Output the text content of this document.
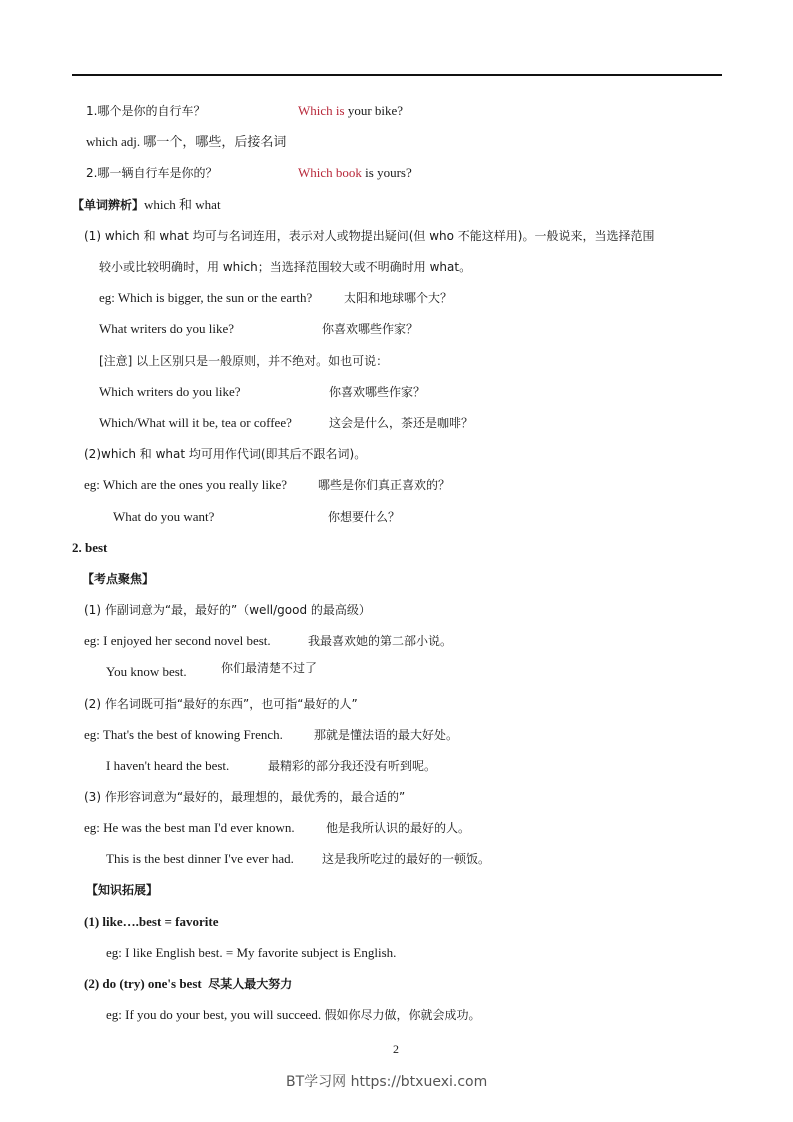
1.哪个是你的自行车？	Which is your bike?
which adj. 哪一个，哪些，后接名词
2.哪一辆自行车是你的？	Which book is yours?
【单词辨析】which 和 what
(1) which 和 what 均可与名词连用，表示对人或物提出疑问(但 who 不能这样用)。一般说来，当选择范围
较小或比较明确时，用 which；当选择范围较大或不明确时用 what。
eg: Which is bigger, the sun or the earth?	太阳和地球哪个大？
What writers do you like?	你喜欢哪些作家？
[注意] 以上区别只是一般原则，并不绝对。如也可说：
Which writers do you like?	你喜欢哪些作家？
Which/What will it be, tea or coffee?	这会是什么，茶还是咖啡？
(2)which 和 what 均可用作代词(即其后不跟名词)。
eg: Which are the ones you really like?	哪些是你们真正喜欢的？
What do you want?	你想要什么？
2. best
【考点聚焦】
(1) 作副词意为“最，最好的”（well/good 的最高级）
eg: I enjoyed her second novel best.	我最喜欢她的第二部小说。
You know best.	你们最清楚不过了
(2) 作名词既可指“最好的东西”，也可指“最好的人”
eg: That's the best of knowing French.	那就是懂法语的最大好处。
I haven't heard the best.	最精彩的部分我还没有听到呢。
(3) 作形容词意为“最好的，最理想的，最优秀的，最合适的”
eg: He was the best man I'd ever known.	他是我所认识的最好的人。
This is the best dinner I've ever had. 这是我所吃过的最好的一顿饭。
【知识拓展】
(1) like….best = favorite
eg: I like English best. = My favorite subject is English.
(2) do (try) one's best 尽某人最大努力
eg: If you do your best, you will succeed. 假如你尽力做，你就会成功。
2
BT学习网 https://btxuexi.com
